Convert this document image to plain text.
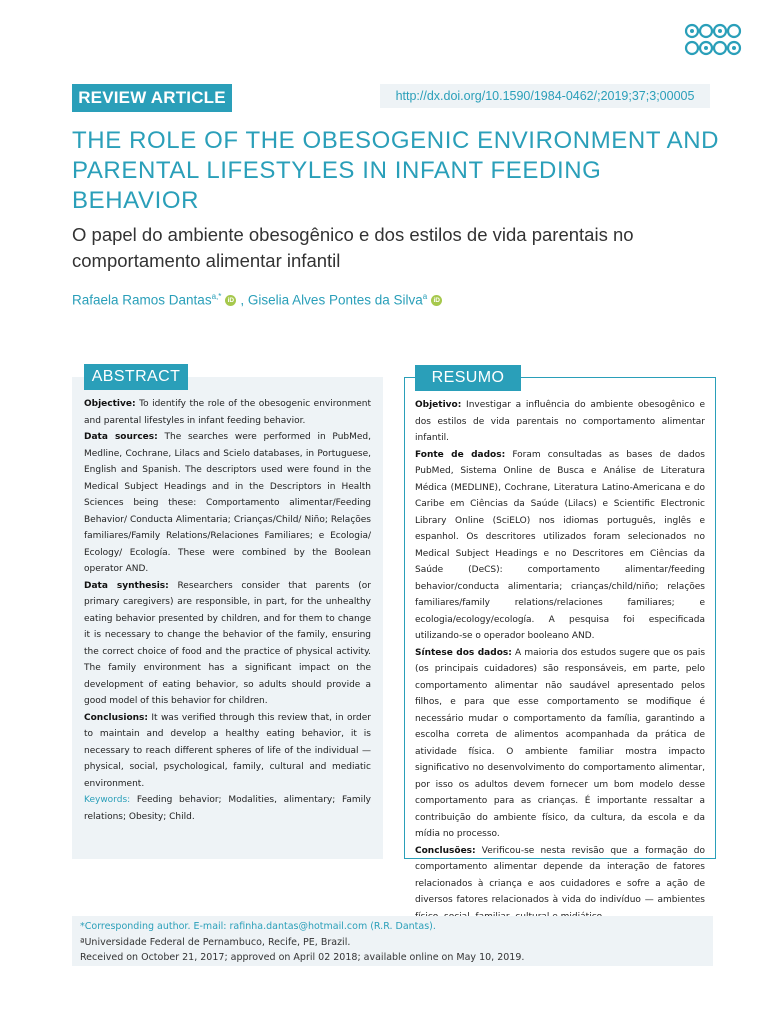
REVIEW ARTICLE	http://dx.doi.org/10.1590/1984-0462/;2019;37;3;00005
THE ROLE OF THE OBESOGENIC ENVIRONMENT AND PARENTAL LIFESTYLES IN INFANT FEEDING BEHAVIOR
O papel do ambiente obesogênico e dos estilos de vida parentais no comportamento alimentar infantil
Rafaela Ramos Dantas$^{a,*}$ iD , Giselia Alves Pontes da Silva$^a$ iD
ABSTRACT

Objective: To identify the role of the obesogenic environment and parental lifestyles in infant feeding behavior.

Data sources: The searches were performed in PubMed, Medline, Cochrane, Lilacs and Scielo databases, in Portuguese, English and Spanish. The descriptors used were found in the Medical Subject Headings and in the Descriptors in Health Sciences being these: Comportamento alimentar/Feeding Behavior/ Conducta Alimentaria; Crianças/Child/ Niño; Relações familiares/Family Relations/Relaciones Familiares; e Ecologia/ Ecology/ Ecología. These were combined by the Boolean operator AND.

Data synthesis: Researchers consider that parents (or primary caregivers) are responsible, in part, for the unhealthy eating behavior presented by children, and for them to change it is necessary to change the behavior of the family, ensuring the correct choice of food and the practice of physical activity. The family environment has a significant impact on the development of eating behavior, so adults should provide a good model of this behavior for children.

Conclusions: It was verified through this review that, in order to maintain and develop a healthy eating behavior, it is necessary to reach different spheres of life of the individual — physical, social, psychological, family, cultural and mediatic environment.

Keywords: Feeding behavior; Modalities, alimentary; Family relations; Obesity; Child.

RESUMO

Objetivo: Investigar a influência do ambiente obesogênico e dos estilos de vida parentais no comportamento alimentar infantil.

Fonte de dados: Foram consultadas as bases de dados PubMed, Sistema Online de Busca e Análise de Literatura Médica (MEDLINE), Cochrane, Literatura Latino-Americana e do Caribe em Ciências da Saúde (Lilacs) e Scientific Electronic Library Online (SciELO) nos idiomas português, inglês e espanhol. Os descritores utilizados foram selecionados no Medical Subject Headings e no Descritores em Ciências da Saúde (DeCS): comportamento alimentar/feeding behavior/conducta alimentaria; crianças/child/niño; relações familiares/family relations/relaciones familiares; e ecologia/ecology/ecología. A pesquisa foi especificada utilizando-se o operador booleano AND.

Síntese dos dados: A maioria dos estudos sugere que os pais (os principais cuidadores) são responsáveis, em parte, pelo comportamento alimentar não saudável apresentado pelos filhos, e para que esse comportamento se modifique é necessário mudar o comportamento da família, garantindo a escolha correta de alimentos acompanhada da prática de atividade física. O ambiente familiar mostra impacto significativo no desenvolvimento do comportamento alimentar, por isso os adultos devem fornecer um bom modelo desse comportamento para as crianças. É importante ressaltar a contribuição do ambiente físico, da cultura, da escola e da mídia no processo.

Conclusões: Verificou-se nesta revisão que a formação do comportamento alimentar depende da interação de fatores relacionados à criança e aos cuidadores e sofre a ação de diversos fatores relacionados à vida do indivíduo — ambientes

*Corresponding author. E-mail: rafinha.dantas@hotmail.com (R.R. Dantas).
ªUniversidade Federal de Pernambuco, Recife, PE, Brazil.
Received on October 21, 2017; approved on April 02 2018; available online on May 10, 2019.
